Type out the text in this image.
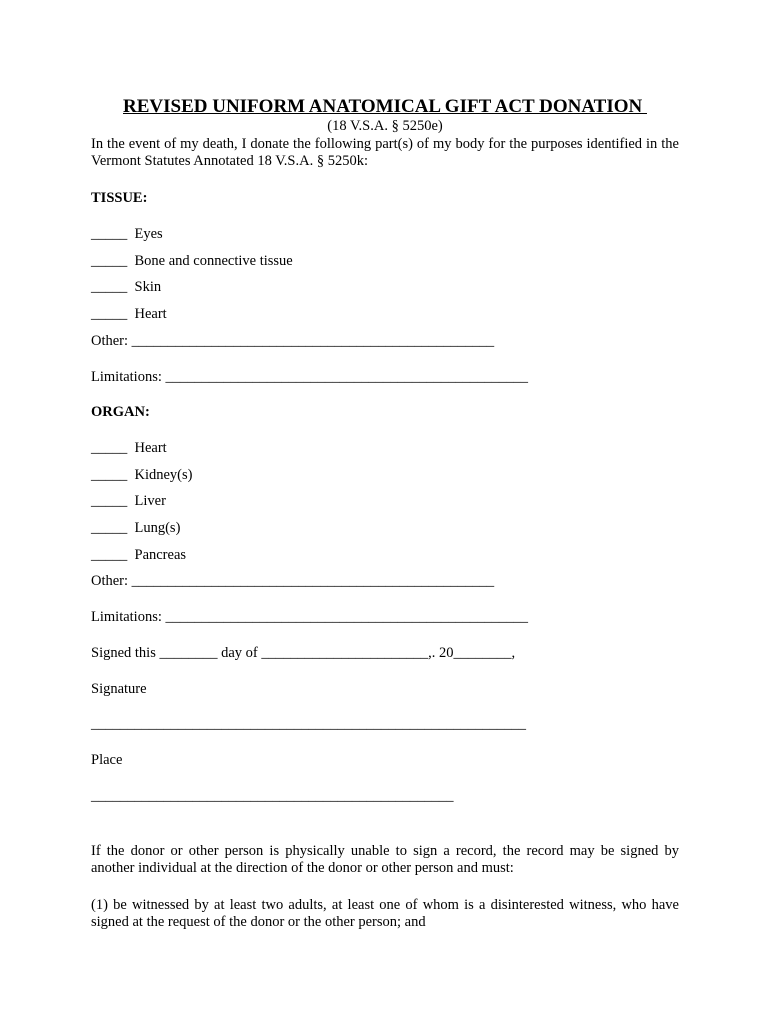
REVISED UNIFORM ANATOMICAL GIFT ACT DONATION
(18 V.S.A. § 5250e)
In the event of my death, I donate the following part(s) of my body for the purposes identified in the Vermont Statutes Annotated 18 V.S.A. § 5250k:
TISSUE:
_____  Eyes
_____  Bone and connective tissue
_____  Skin
_____  Heart
Other: __________________________________________________
Limitations: __________________________________________________
ORGAN:
_____  Heart
_____  Kidney(s)
_____  Liver
_____  Lung(s)
_____  Pancreas
Other: __________________________________________________
Limitations: __________________________________________________
Signed this ________ day of _______________________,. 20________,
Signature
____________________________________________________________
Place
__________________________________________________
If the donor or other person is physically unable to sign a record, the record may be signed by another individual at the direction of the donor or other person and must:
(1) be witnessed by at least two adults, at least one of whom is a disinterested witness, who have signed at the request of the donor or the other person; and
